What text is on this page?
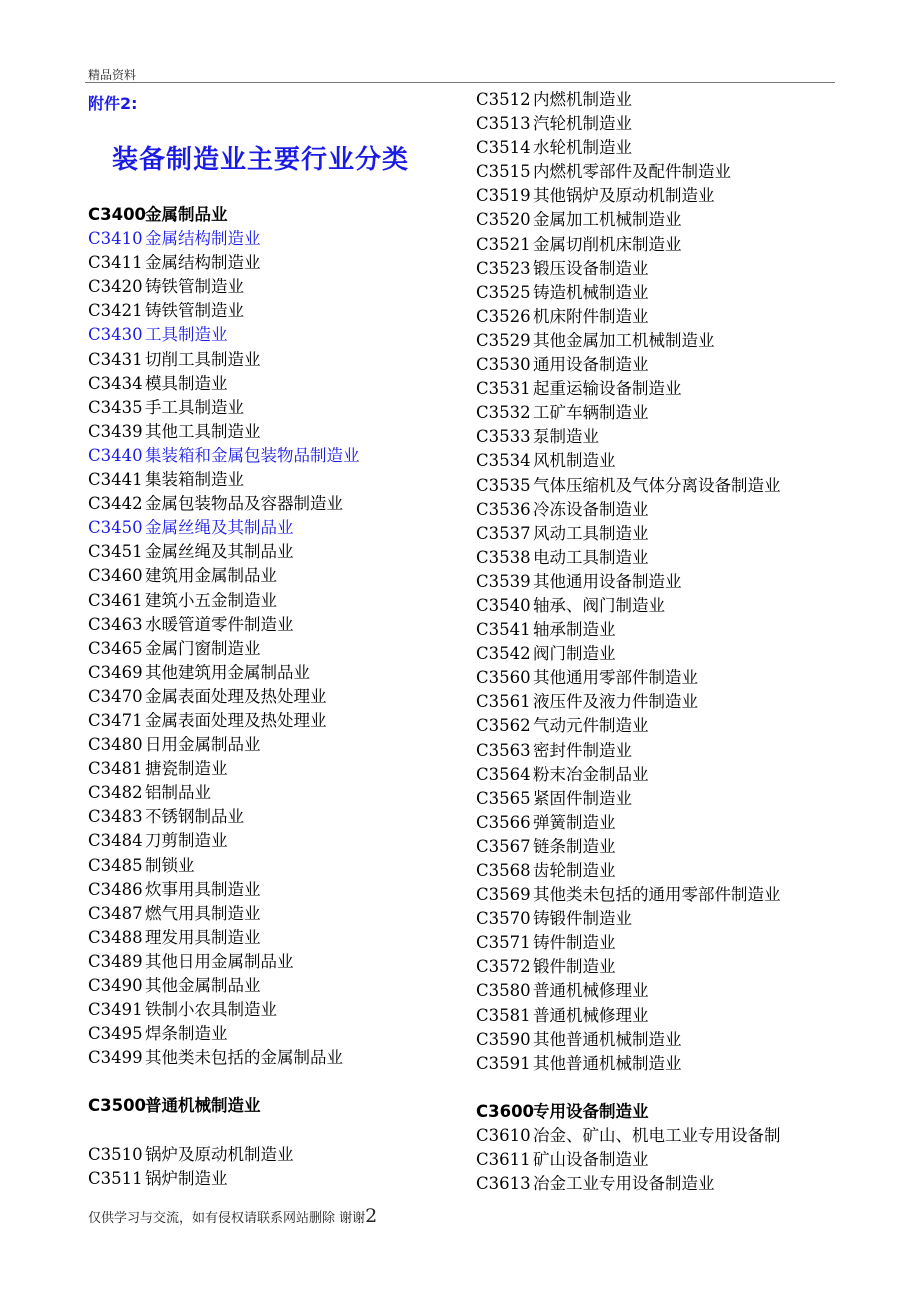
精品资料
附件2:
装备制造业主要行业分类
C3400金属制品业
C3410 金属结构制造业
C3411 金属结构制造业
C3420 铸铁管制造业
C3421 铸铁管制造业
C3430 工具制造业
C3431 切削工具制造业
C3434 模具制造业
C3435 手工具制造业
C3439 其他工具制造业
C3440 集装箱和金属包装物品制造业
C3441 集装箱制造业
C3442 金属包装物品及容器制造业
C3450 金属丝绳及其制品业
C3451 金属丝绳及其制品业
C3460 建筑用金属制品业
C3461 建筑小五金制造业
C3463 水暖管道零件制造业
C3465 金属门窗制造业
C3469 其他建筑用金属制品业
C3470 金属表面处理及热处理业
C3471 金属表面处理及热处理业
C3480 日用金属制品业
C3481 搪瓷制造业
C3482 铝制品业
C3483 不锈钢制品业
C3484 刀剪制造业
C3485 制锁业
C3486 炊事用具制造业
C3487 燃气用具制造业
C3488 理发用具制造业
C3489 其他日用金属制品业
C3490 其他金属制品业
C3491 铁制小农具制造业
C3495 焊条制造业
C3499 其他类未包括的金属制品业
C3500普通机械制造业
C3510 锅炉及原动机制造业
C3511 锅炉制造业
C3512 内燃机制造业
C3513 汽轮机制造业
C3514 水轮机制造业
C3515 内燃机零部件及配件制造业
C3519 其他锅炉及原动机制造业
C3520 金属加工机械制造业
C3521 金属切削机床制造业
C3523 锻压设备制造业
C3525 铸造机械制造业
C3526 机床附件制造业
C3529 其他金属加工机械制造业
C3530 通用设备制造业
C3531 起重运输设备制造业
C3532 工矿车辆制造业
C3533 泵制造业
C3534 风机制造业
C3535 气体压缩机及气体分离设备制造业
C3536 冷冻设备制造业
C3537 风动工具制造业
C3538 电动工具制造业
C3539 其他通用设备制造业
C3540 轴承、阀门制造业
C3541 轴承制造业
C3542 阀门制造业
C3560 其他通用零部件制造业
C3561 液压件及液力件制造业
C3562 气动元件制造业
C3563 密封件制造业
C3564 粉末冶金制品业
C3565 紧固件制造业
C3566 弹簧制造业
C3567 链条制造业
C3568 齿轮制造业
C3569 其他类未包括的通用零部件制造业
C3570 铸锻件制造业
C3571 铸件制造业
C3572 锻件制造业
C3580 普通机械修理业
C3581 普通机械修理业
C3590 其他普通机械制造业
C3591 其他普通机械制造业
C3600专用设备制造业
C3610 冶金、矿山、机电工业专用设备制
C3611 矿山设备制造业
C3613 冶金工业专用设备制造业
仅供学习与交流，如有侵权请联系网站删除 谢谢2
